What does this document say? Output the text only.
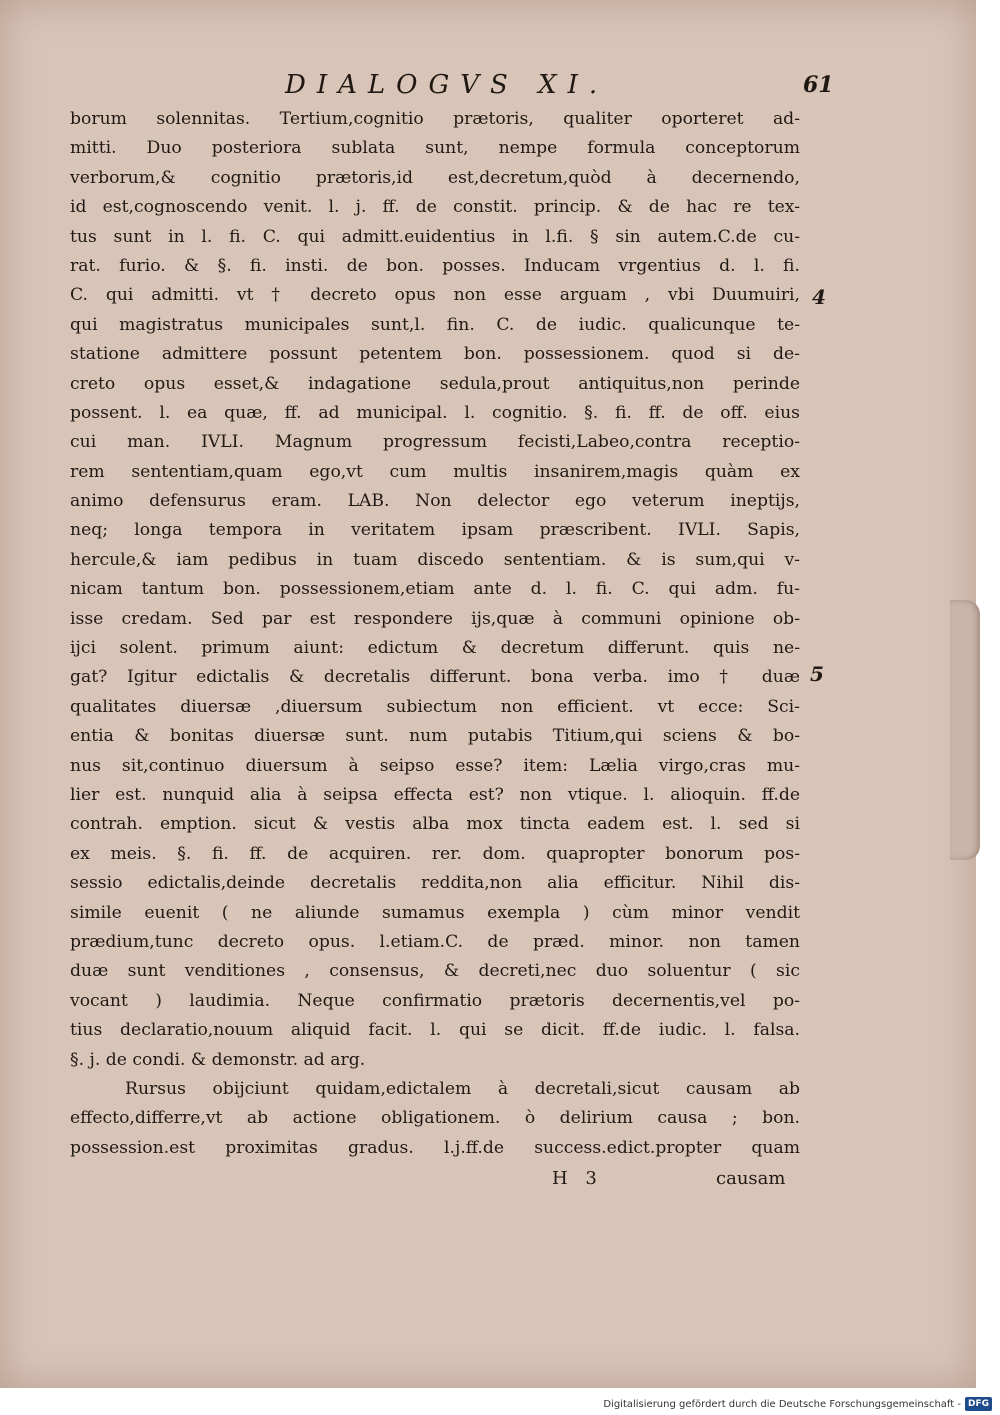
DIALOGVS XI.	61
borum solennitas. Tertium,cognitio prætoris, qualiter oporteret ad-
mitti. Duo posteriora sublata sunt, nempe formula conceptorum
verborum,& cognitio prætoris,id est,decretum,quòd à decernendo,
id est,cognoscendo venit. l. j. ff. de constit. princip. & de hac re tex-
tus sunt in l. fi. C. qui admitt.euidentius in l.fi. § sin autem.C.de cu-
rat. furio. & §. fi. insti. de bon. posses. Inducam vrgentius d. l. fi.
C. qui admitti. vt † decreto opus non esse arguam , vbi Duumuiri,
qui magistratus municipales sunt,l. fin. C. de iudic. qualicunque te-
statione admittere possunt petentem bon. possessionem. quod si de-
creto opus esset,& indagatione sedula,prout antiquitus,non perinde
possent. l. ea quæ, ff. ad municipal. l. cognitio. §. fi. ff. de off. eius
cui man. IVLI. Magnum progressum fecisti,Labeo,contra receptio-
rem sententiam,quam ego,vt cum multis insanirem,magis quàm ex
animo defensurus eram. LAB. Non delector ego veterum ineptijs,
neq; longa tempora in veritatem ipsam præscribent. IVLI. Sapis,
hercule,& iam pedibus in tuam discedo sententiam. & is sum,qui v-
nicam tantum bon. possessionem,etiam ante d. l. fi. C. qui adm. fu-
isse credam. Sed par est respondere ijs,quæ à communi opinione ob-
ijci solent. primum aiunt: edictum & decretum differunt. quis ne-
gat? Igitur edictalis & decretalis differunt. bona verba. imo † duæ
qualitates diuersæ ,diuersum subiectum non efficient. vt ecce: Sci-
entia & bonitas diuersæ sunt. num putabis Titium,qui sciens & bo-
nus sit,continuo diuersum à seipso esse? item: Lælia virgo,cras mu-
lier est. nunquid alia à seipsa effecta est? non vtique. l. alioquin. ff.de
contrah. emption. sicut & vestis alba mox tincta eadem est. l. sed si
ex meis. §. fi. ff. de acquiren. rer. dom. quapropter bonorum pos-
sessio edictalis,deinde decretalis reddita,non alia efficitur. Nihil dis-
simile euenit ( ne aliunde sumamus exempla ) cùm minor vendit
prædium,tunc decreto opus. l.etiam.C. de præd. minor. non tamen
duæ sunt venditiones , consensus, & decreti,nec duo soluentur ( sic
vocant ) laudimia. Neque confirmatio prætoris decernentis,vel po-
tius declaratio,nouum aliquid facit. l. qui se dicit. ff.de iudic. l. falsa.
§. j. de condi. & demonstr. ad arg.
Rursus obijciunt quidam,edictalem à decretali,sicut causam ab
effecto,differre,vt ab actione obligationem. ò delirium causa ; bon.
possession.est proximitas gradus. l.j.ff.de success.edict.propter quam
4
5
H 3	causam
Digitalisierung gefördert durch die Deutsche Forschungsgemeinschaft - DFG
